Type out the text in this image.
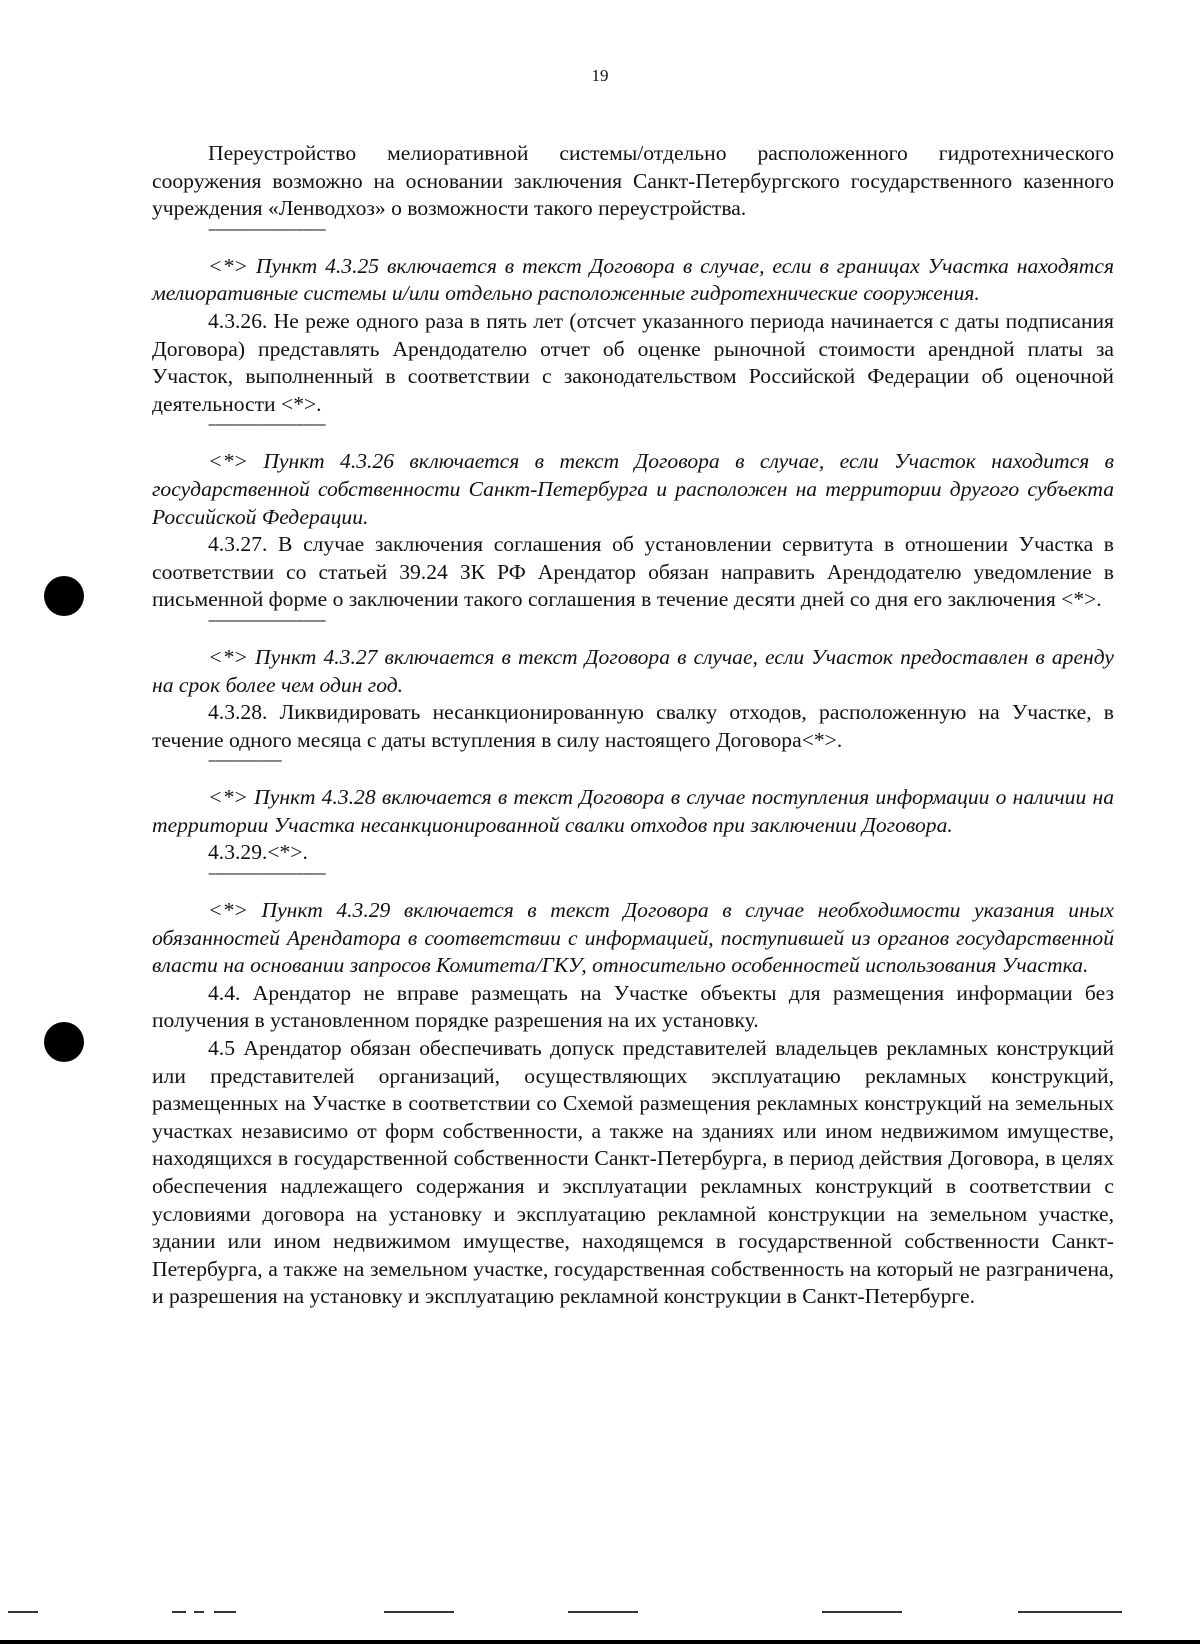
19

Переустройство мелиоративной системы/отдельно расположенного гидротехнического сооружения возможно на основании заключения Санкт-Петербургского государственного казенного учреждения «Ленводхоз» о возможности такого переустройства.

--------------------------------

<*> Пункт 4.3.25 включается в текст Договора в случае, если в границах Участка находятся мелиоративные системы и/или отдельно расположенные гидротехнические сооружения.

4.3.26. Не реже одного раза в пять лет (отсчет указанного периода начинается с даты подписания Договора) представлять Арендодателю отчет об оценке рыночной стоимости арендной платы за Участок, выполненный в соответствии с законодательством Российской Федерации об оценочной деятельности <*>.

--------------------------------

<*> Пункт 4.3.26 включается в текст Договора в случае, если Участок находится в государственной собственности Санкт-Петербурга и расположен на территории другого субъекта Российской Федерации.

4.3.27. В случае заключения соглашения об установлении сервитута в отношении Участка в соответствии со статьей 39.24 ЗК РФ Арендатор обязан направить Арендодателю уведомление в письменной форме о заключении такого соглашения в течение десяти дней со дня его заключения <*>.

--------------------------------

<*> Пункт 4.3.27 включается в текст Договора в случае, если Участок предоставлен в аренду на срок более чем один год.

4.3.28. Ликвидировать несанкционированную свалку отходов, расположенную на Участке, в течение одного месяца с даты вступления в силу настоящего Договора<*>.

--------------------

<*> Пункт 4.3.28 включается в текст Договора в случае поступления информации о наличии на территории Участка несанкционированной свалки отходов при заключении Договора.

4.3.29.<*>.

--------------------------------

<*> Пункт 4.3.29 включается в текст Договора в случае необходимости указания иных обязанностей Арендатора в соответствии с информацией, поступившей из органов государственной власти на основании запросов Комитета/ГКУ, относительно особенностей использования Участка.

4.4. Арендатор не вправе размещать на Участке объекты для размещения информации без получения в установленном порядке разрешения на их установку.

4.5 Арендатор обязан обеспечивать допуск представителей владельцев рекламных конструкций или представителей организаций, осуществляющих эксплуатацию рекламных конструкций, размещенных на Участке в соответствии со Схемой размещения рекламных конструкций на земельных участках независимо от форм собственности, а также на зданиях или ином недвижимом имуществе, находящихся в государственной собственности Санкт-Петербурга, в период действия Договора, в целях обеспечения надлежащего содержания и эксплуатации рекламных конструкций в соответствии с условиями договора на установку и эксплуатацию рекламной конструкции на земельном участке, здании или ином недвижимом имуществе, находящемся в государственной собственности Санкт-Петербурга, а также на земельном участке, государственная собственность на который не разграничена, и разрешения на установку и эксплуатацию рекламной конструкции в Санкт-Петербурге.
